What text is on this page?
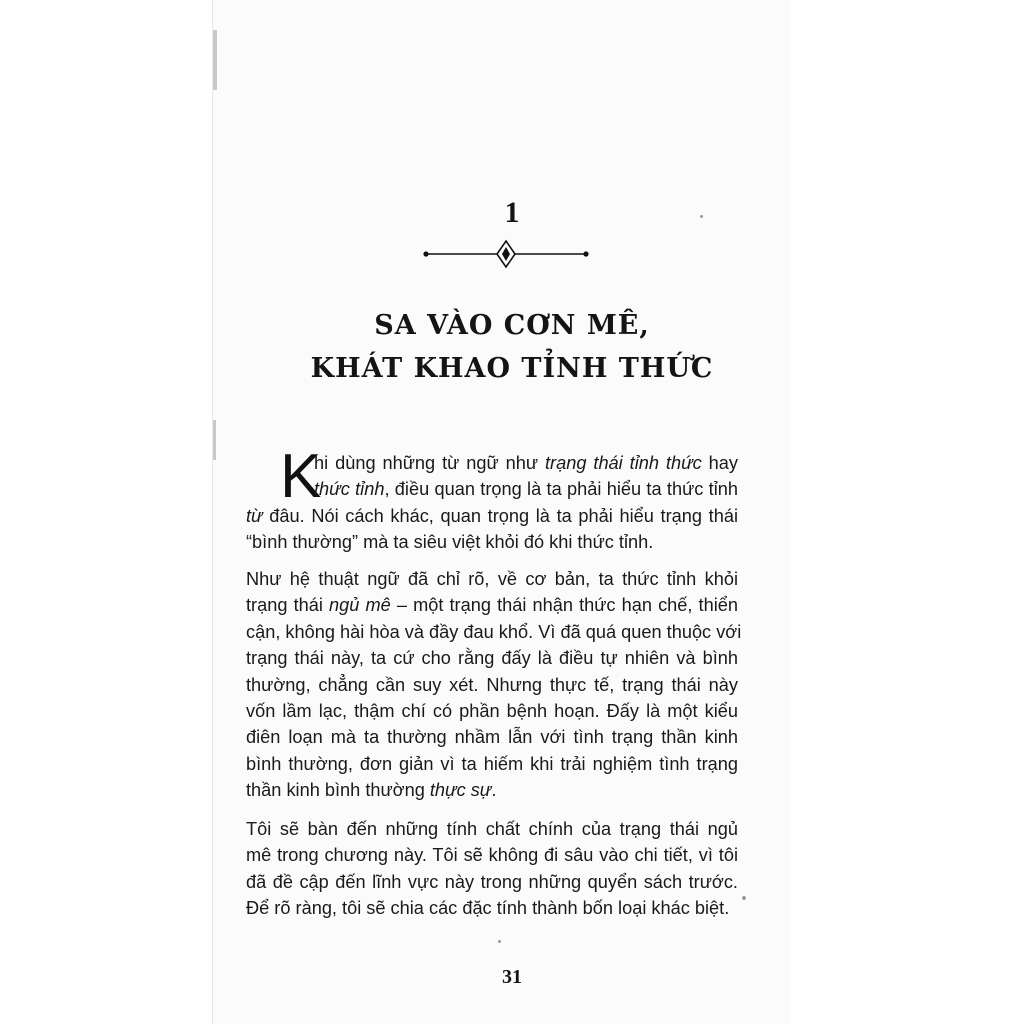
1
SA VÀO CƠN MÊ,
KHÁT KHAO TỈNH THỨC
K
hi dùng những từ ngữ như trạng thái tỉnh thức hay
thức tỉnh, điều quan trọng là ta phải hiểu ta thức tỉnh
từ đâu. Nói cách khác, quan trọng là ta phải hiểu trạng thái
“bình thường” mà ta siêu việt khỏi đó khi thức tỉnh.
Như hệ thuật ngữ đã chỉ rõ, về cơ bản, ta thức tỉnh khỏi
trạng thái ngủ mê – một trạng thái nhận thức hạn chế, thiển
cận, không hài hòa và đầy đau khổ. Vì đã quá quen thuộc với
trạng thái này, ta cứ cho rằng đấy là điều tự nhiên và bình
thường, chẳng cần suy xét. Nhưng thực tế, trạng thái này
vốn lầm lạc, thậm chí có phần bệnh hoạn. Đấy là một kiểu
điên loạn mà ta thường nhầm lẫn với tình trạng thần kinh
bình thường, đơn giản vì ta hiếm khi trải nghiệm tình trạng
thần kinh bình thường thực sự.
Tôi sẽ bàn đến những tính chất chính của trạng thái ngủ
mê trong chương này. Tôi sẽ không đi sâu vào chi tiết, vì tôi
đã đề cập đến lĩnh vực này trong những quyển sách trước.
Để rõ ràng, tôi sẽ chia các đặc tính thành bốn loại khác biệt.
31
